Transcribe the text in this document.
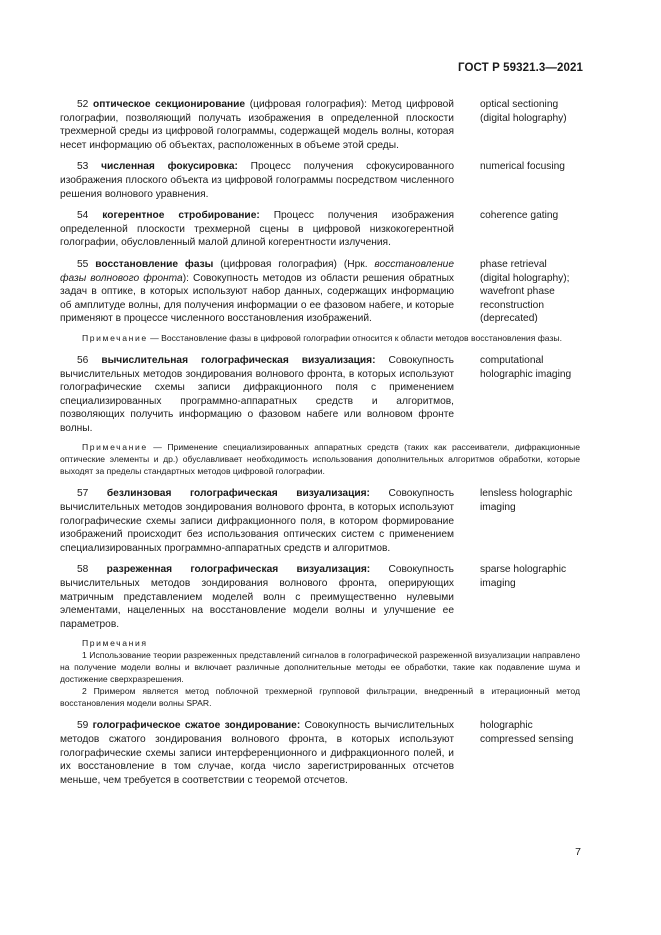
ГОСТ Р 59321.3—2021
52 оптическое секционирование (цифровая голография): Метод цифровой голографии, позволяющий получать изображения в определенной плоскости трехмерной среды из цифровой голограммы, содержащей модель волны, которая несет информацию об объектах, расположенных в объеме этой среды.
optical sectioning
(digital holography)
53 численная фокусировка: Процесс получения сфокусированного изображения плоского объекта из цифровой голограммы посредством численного решения волнового уравнения.
numerical focusing
54 когерентное стробирование: Процесс получения изображения определенной плоскости трехмерной сцены в цифровой низкокогерентной голографии, обусловленный малой длиной когерентности излучения.
coherence gating
55 восстановление фазы (цифровая голография) (Нрк. восстановление фазы волнового фронта): Совокупность методов из области решения обратных задач в оптике, в которых используют набор данных, содержащих информацию об амплитуде волны, для получения информации о ее фазовом набеге, и которые применяют в процессе численного восстановления изображений.
phase retrieval
(digital holography);
wavefront phase
reconstruction
(deprecated)

Примечание — Восстановление фазы в цифровой голографии относится к области методов восстановления фазы.

56 вычислительная голографическая визуализация: Совокупность вычислительных методов зондирования волнового фронта, в которых используют голографические схемы записи дифракционного поля с применением специализированных программно-аппаратных средств и алгоритмов, позволяющих получить информацию о фазовом набеге или волновом фронте волны.
computational
holographic imaging

Примечание — Применение специализированных аппаратных средств (таких как рассеиватели, дифракционные оптические элементы и др.) обуславливает необходимость использования дополнительных алгоритмов обработки, которые выходят за пределы стандартных методов цифровой голографии.

57 безлинзовая голографическая визуализация: Совокупность вычислительных методов зондирования волнового фронта, в которых используют голографические схемы записи дифракционного поля, в котором формирование изображений происходит без использования оптических систем с применением специализированных программно-аппаратных средств и алгоритмов.
lensless holographic
imaging
58 разреженная голографическая визуализация: Совокупность вычислительных методов зондирования волнового фронта, оперирующих матричным представлением моделей волн с преимущественно нулевыми элементами, нацеленных на восстановление модели волны и улучшение ее параметров.
sparse holographic
imaging

Примечания

1 Использование теории разреженных представлений сигналов в голографической разреженной визуализации направлено на получение модели волны и включает различные дополнительные методы ее обработки, такие как подавление шума и достижение сверхразрешения.

2 Примером является метод поблочной трехмерной групповой фильтрации, внедренный в итерационный метод восстановления модели волны SPAR.

59 голографическое сжатое зондирование: Совокупность вычислительных методов сжатого зондирования волнового фронта, в которых используют голографические схемы записи интерференционного и дифракционного полей, и их восстановление в том случае, когда число зарегистрированных отсчетов меньше, чем требуется в соответствии с теоремой отсчетов.
holographic
compressed sensing
7
